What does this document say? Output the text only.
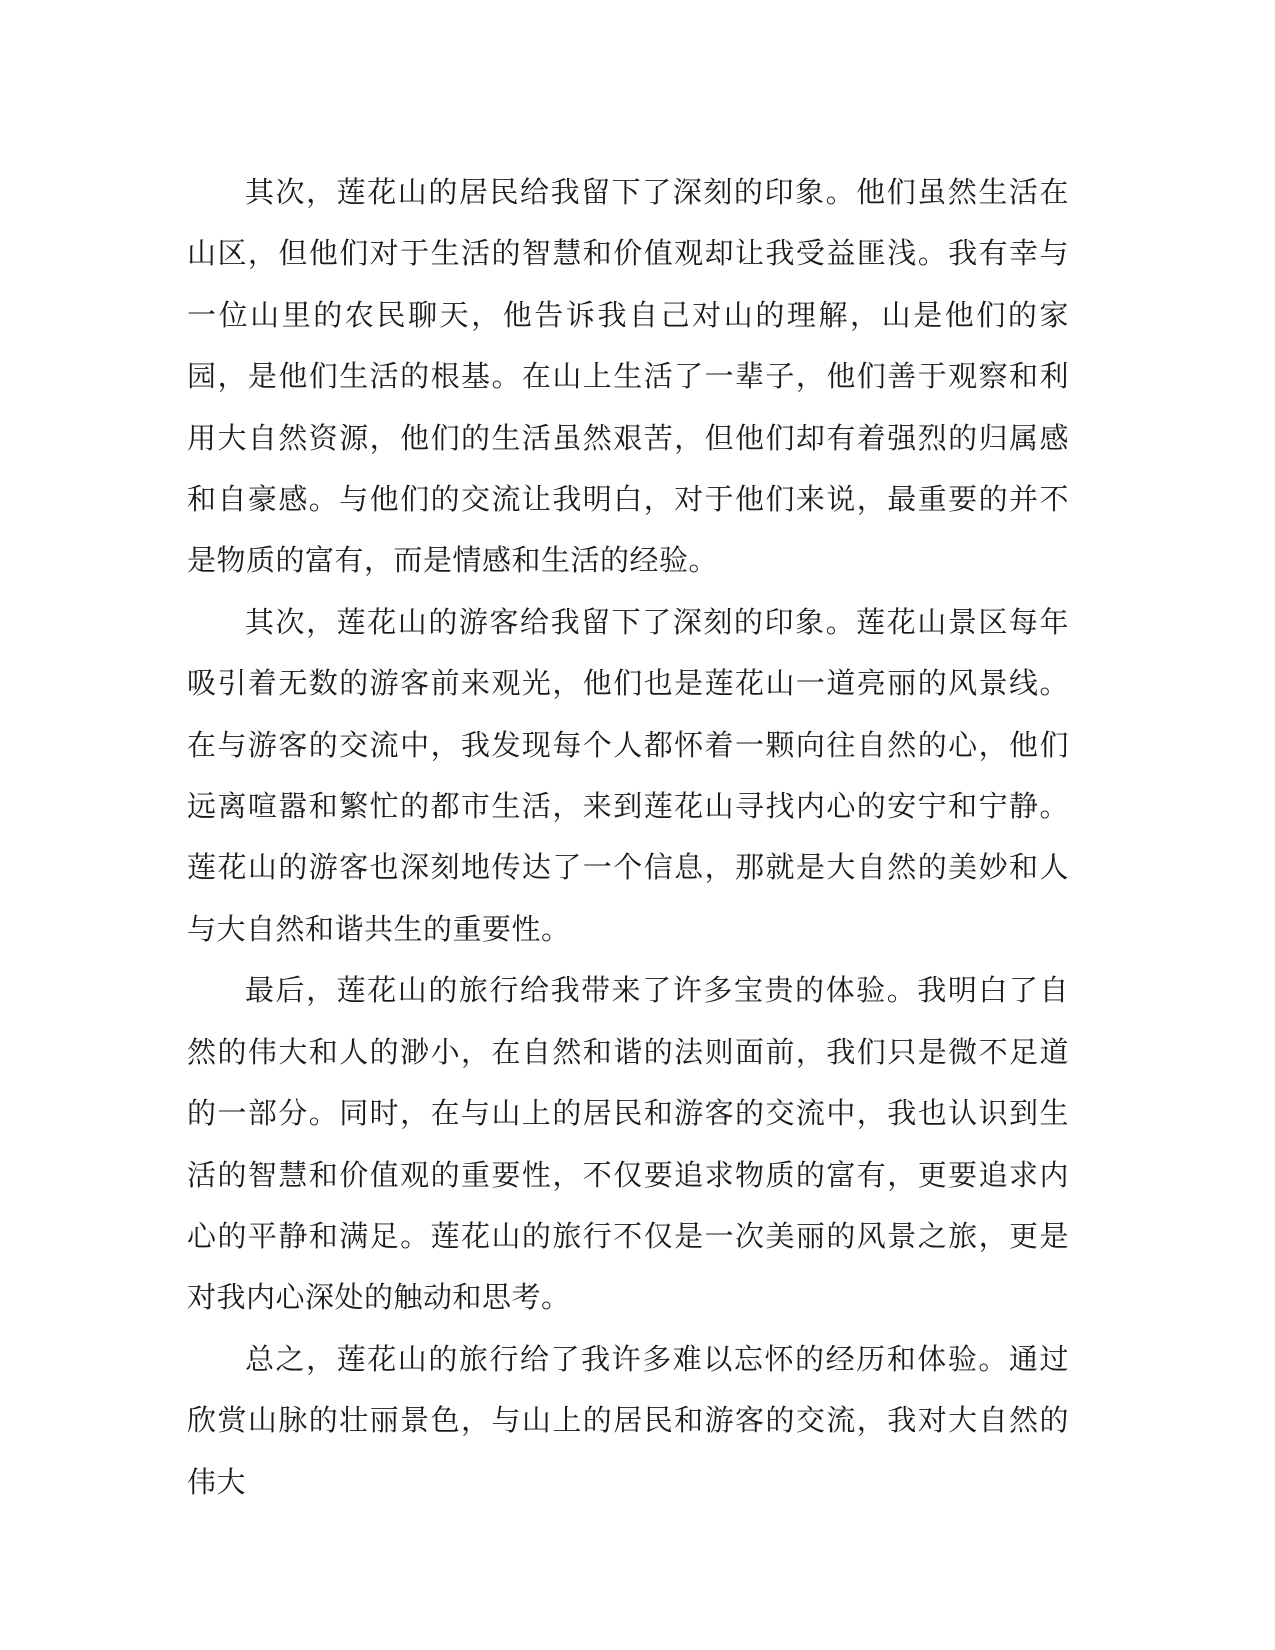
其次，莲花山的居民给我留下了深刻的印象。他们虽然生活在山区，但他们对于生活的智慧和价值观却让我受益匪浅。我有幸与一位山里的农民聊天，他告诉我自己对山的理解，山是他们的家园，是他们生活的根基。在山上生活了一辈子，他们善于观察和利用大自然资源，他们的生活虽然艰苦，但他们却有着强烈的归属感和自豪感。与他们的交流让我明白，对于他们来说，最重要的并不是物质的富有，而是情感和生活的经验。

其次，莲花山的游客给我留下了深刻的印象。莲花山景区每年吸引着无数的游客前来观光，他们也是莲花山一道亮丽的风景线。在与游客的交流中，我发现每个人都怀着一颗向往自然的心，他们远离喧嚣和繁忙的都市生活，来到莲花山寻找内心的安宁和宁静。莲花山的游客也深刻地传达了一个信息，那就是大自然的美妙和人与大自然和谐共生的重要性。

最后，莲花山的旅行给我带来了许多宝贵的体验。我明白了自然的伟大和人的渺小，在自然和谐的法则面前，我们只是微不足道的一部分。同时，在与山上的居民和游客的交流中，我也认识到生活的智慧和价值观的重要性，不仅要追求物质的富有，更要追求内心的平静和满足。莲花山的旅行不仅是一次美丽的风景之旅，更是对我内心深处的触动和思考。

总之，莲花山的旅行给了我许多难以忘怀的经历和体验。通过欣赏山脉的壮丽景色，与山上的居民和游客的交流，我对大自然的伟大
